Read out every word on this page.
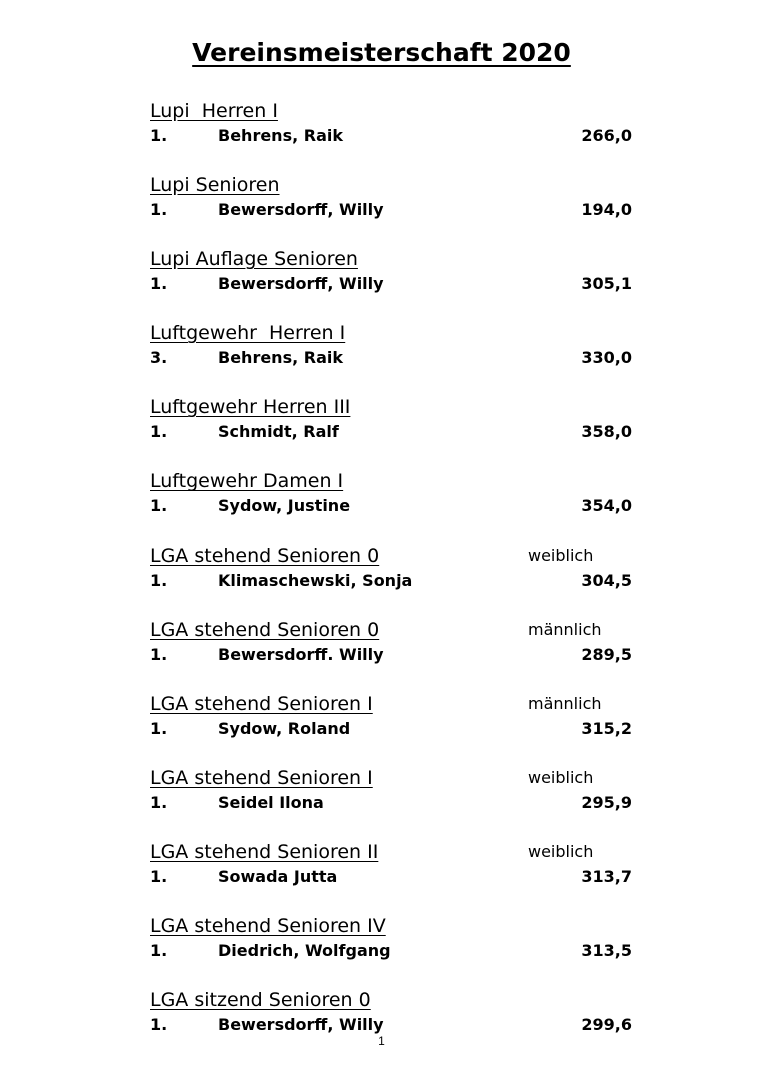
Vereinsmeisterschaft 2020
Lupi  Herren I
1.	Behrens, Raik	266,0
Lupi Senioren
1.	Bewersdorff, Willy	194,0
Lupi Auflage Senioren
1.	Bewersdorff, Willy	305,1
Luftgewehr  Herren I
3.	Behrens, Raik	330,0
Luftgewehr Herren III
1.	Schmidt, Ralf	358,0
Luftgewehr Damen I
1.	Sydow, Justine	354,0
LGA stehend Senioren 0	weiblich
1.	Klimaschewski, Sonja	304,5
LGA stehend Senioren 0	männlich
1.	Bewersdorff. Willy	289,5
LGA stehend Senioren I	männlich
1.	Sydow, Roland	315,2
LGA stehend Senioren I	weiblich
1.	Seidel Ilona	295,9
LGA stehend Senioren II	weiblich
1.	Sowada Jutta	313,7
LGA stehend Senioren IV
1.	Diedrich, Wolfgang	313,5
LGA sitzend Senioren 0
1.	Bewersdorff, Willy	299,6
1
